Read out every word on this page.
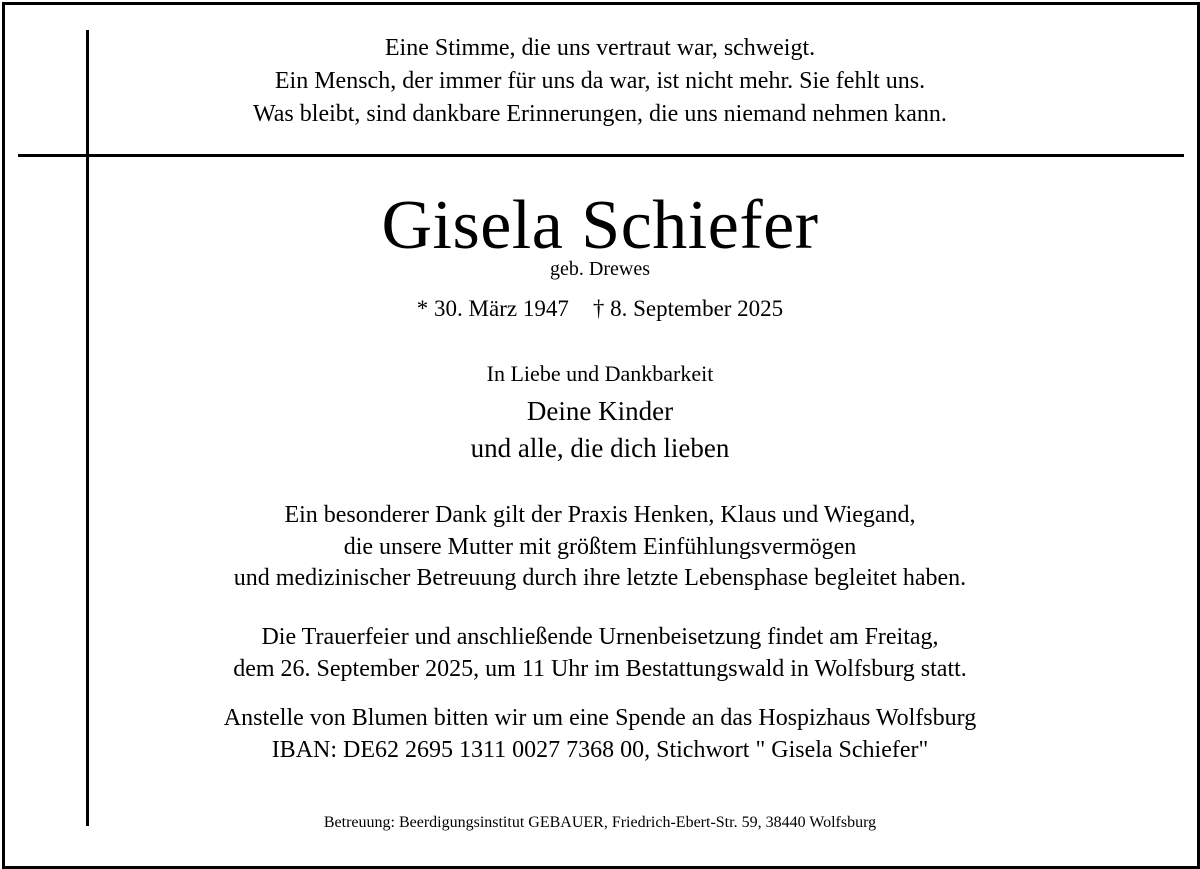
Eine Stimme, die uns vertraut war, schweigt.
Ein Mensch, der immer für uns da war, ist nicht mehr. Sie fehlt uns.
Was bleibt, sind dankbare Erinnerungen, die uns niemand nehmen kann.
Gisela Schiefer
geb. Drewes
* 30. März 1947 † 8. September 2025
In Liebe und Dankbarkeit
Deine Kinder
und alle, die dich lieben
Ein besonderer Dank gilt der Praxis Henken, Klaus und Wiegand,
die unsere Mutter mit größtem Einfühlungsvermögen
und medizinischer Betreuung durch ihre letzte Lebensphase begleitet haben.
Die Trauerfeier und anschließende Urnenbeisetzung findet am Freitag,
dem 26. September 2025, um 11 Uhr im Bestattungswald in Wolfsburg statt.
Anstelle von Blumen bitten wir um eine Spende an das Hospizhaus Wolfsburg
IBAN: DE62 2695 1311 0027 7368 00, Stichwort " Gisela Schiefer"
Betreuung: Beerdigungsinstitut GEBAUER, Friedrich-Ebert-Str. 59, 38440 Wolfsburg
